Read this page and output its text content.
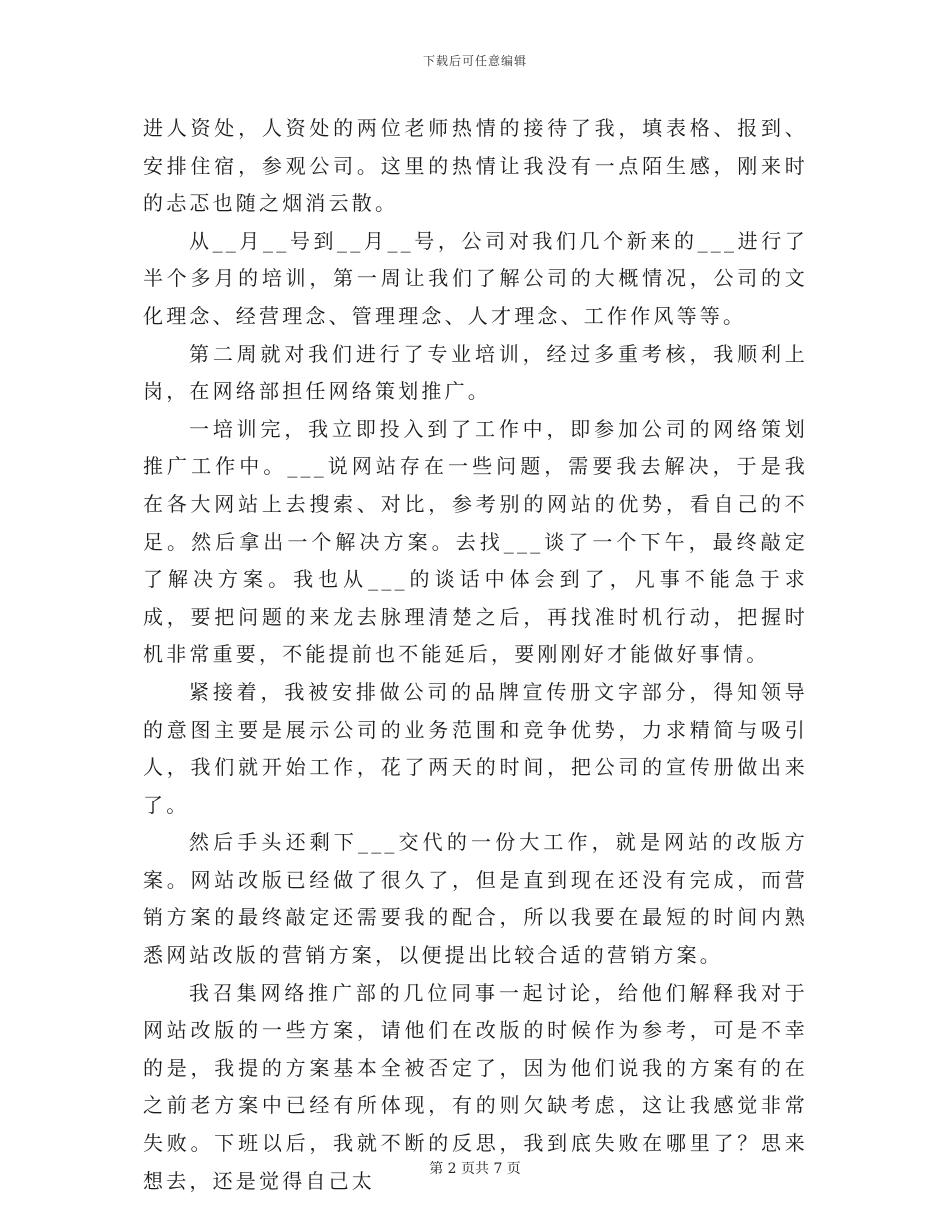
下载后可任意编辑

进人资处，人资处的两位老师热情的接待了我，填表格、报到、安排住宿，参观公司。这里的热情让我没有一点陌生感，刚来时的忐忑也随之烟消云散。

从__月__号到__月__号，公司对我们几个新来的___进行了半个多月的培训，第一周让我们了解公司的大概情况，公司的文化理念、经营理念、管理理念、人才理念、工作作风等等。

第二周就对我们进行了专业培训，经过多重考核，我顺利上岗，在网络部担任网络策划推广。

一培训完，我立即投入到了工作中，即参加公司的网络策划推广工作中。___说网站存在一些问题，需要我去解决，于是我在各大网站上去搜索、对比，参考别的网站的优势，看自己的不足。然后拿出一个解决方案。去找___谈了一个下午，最终敲定了解决方案。我也从___的谈话中体会到了，凡事不能急于求成，要把问题的来龙去脉理清楚之后，再找准时机行动，把握时机非常重要，不能提前也不能延后，要刚刚好才能做好事情。

紧接着，我被安排做公司的品牌宣传册文字部分，得知领导的意图主要是展示公司的业务范围和竞争优势，力求精简与吸引人，我们就开始工作，花了两天的时间，把公司的宣传册做出来了。

然后手头还剩下___交代的一份大工作，就是网站的改版方案。网站改版已经做了很久了，但是直到现在还没有完成，而营销方案的最终敲定还需要我的配合，所以我要在最短的时间内熟悉网站改版的营销方案，以便提出比较合适的营销方案。

我召集网络推广部的几位同事一起讨论，给他们解释我对于网站改版的一些方案，请他们在改版的时候作为参考，可是不幸的是，我提的方案基本全被否定了，因为他们说我的方案有的在之前老方案中已经有所体现，有的则欠缺考虑，这让我感觉非常失败。下班以后，我就不断的反思，我到底失败在哪里了？思来想去，还是觉得自己太	第 2 页共 7 页
